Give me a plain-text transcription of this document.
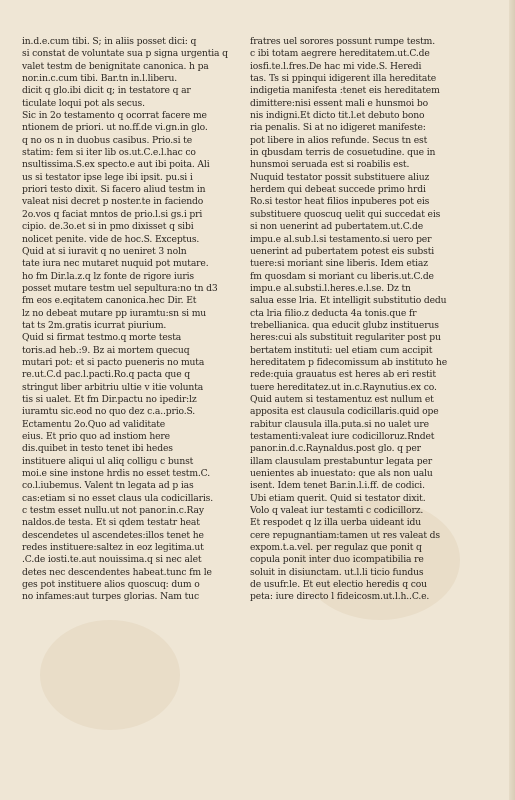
in.d.e.cum tibi. S; in aliis posset dici: q
si constat de voluntate sua p signa urgentia q
valet testm de benignitate canonica. h pa
nor.in.c.cum tibi. Bar.tn in.l.liberu.
dicit q glo.ibi dicit q; in testatore q ar
ticulate loqui pot als secus.
Sic in 2o testamento q ocorrat facere me
ntionem de priori. ut no.ff.de vi.gn.in glo.
q no os n in duobus casibus. Prio.si te
statim: fem si iter lib os.ut.C.e.l.hac co
nsultissima.S.ex specto.e aut ibi poita. Ali
us si testator ipse lege ibi ipsit. pu.si i
priori testo dixit. Si facero aliud testm in
valeat nisi decret p noster.te in faciendo
2o.vos q faciat mntos de prio.l.si gs.i pri
cipio. de.3o.et si in pmo dixisset q sibi
nolicet penite. vide de hoc.S. Exceptus.
Quid at si iuravit q no ueniret 3 noln
tate iura nec mutaret nuquid pot mutare.
ho fm Dir.la.z.q lz fonte de rigore iuris
posset mutare testm uel sepultura:no tn d3
fm eos e.eqitatem canonica.hec Dir. Et
lz no debeat mutare pp iuramtu:sn si mu
tat ts 2m.gratis icurrat piurium.
Quid si firmat testmo.q morte testa
toris.ad heb.:9. Bz ai mortem quecuq
mutari pot: et si pacto pueneris no muta
re.ut.C.d pac.l.pacti.Ro.q pacta que q
stringut liber arbitriu ultie v itie volunta
tis si ualet. Et fm Dir.pactu no ipedir:lz
iuramtu sic.eod no quo dez c.a..prio.S.
Ectamentu 2o.Quo ad validitate
eius. Et prio quo ad instiom here
dis.quibet in testo tenet ibi hedes
instituere aliqui ul aliq colligu c bunst
moi.e sine instone hrdis no esset testm.C.
co.l.iubemus. Valent tn legata ad p ias
cas:etiam si no esset claus ula codicillaris.
c testm esset nullu.ut not panor.in.c.Ray
naldos.de testa. Et si qdem testatr heat
descendetes ul ascendetes:illos tenet he
redes instituere:saltez in eoz legitima.ut
.C.de iosti.te.aut nouissima.q si nec alet
detes nec descendentes habeat.tunc fm le
ges pot instituere alios quoscuq: dum o
no infames:aut turpes glorias. Nam tuc
fratres uel sorores possunt rumpe testm.
c ibi totam aegrere hereditatem.ut.C.de
iosfi.te.l.fres.De hac mi vide.S. Heredi
tas. Ts si ppinqui idigerent illa hereditate
indigetia manifesta :tenet eis hereditatem
dimittere:nisi essent mali e hunsmoi bo
nis indigni.Et dicto tit.l.et debuto bono
ria penalis. Si at no idigeret manifeste:
pot libere in alios refunde. Secus tn est
in qbusdam terris de cosuetudine. que in
hunsmoi seruada est si roabilis est.
Nuquid testator possit substituere aliuz
herdem qui debeat succede primo hrdi
Ro.si testor heat filios inpuberes pot eis
substituere quoscuq uelit qui succedat eis
si non uenerint ad pubertatem.ut.C.de
impu.e al.sub.l.si testamento.si uero per
uenerint ad pubertatem potest eis substi
tuere:si moriant sine liberis. Idem etiaz
fm quosdam si moriant cu liberis.ut.C.de
impu.e al.substi.l.heres.e.l.se. Dz tn
salua esse lria. Et intelligit substitutio dedu
cta lria filio.z deducta 4a tonis.que fr
trebellianica. qua educit glubz instituerus
heres:cui als substituit regulariter post pu
bertatem instituti: uel etiam cum accipit
hereditatem p fidecomissum ab instituto he
rede:quia grauatus est heres ab eri restit
tuere hereditatez.ut in.c.Raynutius.ex co.
Quid autem si testamentuz est nullum et
apposita est clausula codicillaris.quid ope
rabitur clausula illa.puta.si no ualet ure
testamenti:valeat iure codicilloruz.Rndet
panor.in.d.c.Raynaldus.post glo. q per
illam clausulam prestabuntur legata per
uenientes ab inuestato: que als non ualu
isent. Idem tenet Bar.in.l.i.ff. de codici.
Ubi etiam querit. Quid si testator dixit.
Volo q valeat iur testamti c codicillorz.
Et respodet q lz illa uerba uideant idu
cere repugnantiam:tamen ut res valeat ds
expom.t.a.vel. per regulaz que ponit q
copula ponit inter duo icompatibilia re
soluit in disiunctam. ut.l.li ticio fundus
de usufr.le. Et eut electio heredis q cou
peta: iure directo l fideicosm.ut.l.h..C.e.
